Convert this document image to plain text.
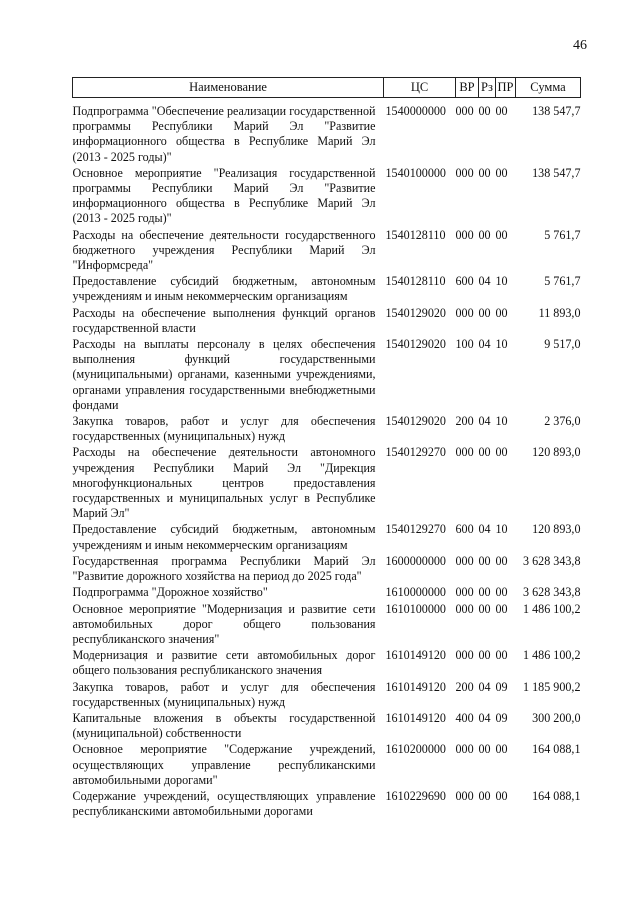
46
Наименование	ЦС	ВР	Рз	ПР	Сумма

Подпрограмма "Обеспечение реализации государственной программы Республики Марий Эл "Развитие информационного общества в Республике Марий Эл (2013 - 2025 годы)"	1540000000	000	00	00	138 547,7
Основное мероприятие "Реализация государственной программы Республики Марий Эл "Развитие информационного общества в Республике Марий Эл (2013 - 2025 годы)"	1540100000	000	00	00	138 547,7
Расходы на обеспечение деятельности государственного бюджетного учреждения Республики Марий Эл "Информсреда"	1540128110	000	00	00	5 761,7
Предоставление субсидий бюджетным, автономным учреждениям и иным некоммерческим организациям	1540128110	600	04	10	5 761,7
Расходы на обеспечение выполнения функций органов государственной власти	1540129020	000	00	00	11 893,0
Расходы на выплаты персоналу в целях обеспечения выполнения функций государственными (муниципальными) органами, казенными учреждениями, органами управления государственными внебюджетными фондами	1540129020	100	04	10	9 517,0
Закупка товаров, работ и услуг для обеспечения государственных (муниципальных) нужд	1540129020	200	04	10	2 376,0
Расходы на обеспечение деятельности автономного учреждения Республики Марий Эл "Дирекция многофункциональных центров предоставления государственных и муниципальных услуг в Республике Марий Эл"	1540129270	000	00	00	120 893,0
Предоставление субсидий бюджетным, автономным учреждениям и иным некоммерческим организациям	1540129270	600	04	10	120 893,0
Государственная программа Республики Марий Эл "Развитие дорожного хозяйства на период до 2025 года"	1600000000	000	00	00	3 628 343,8
Подпрограмма "Дорожное хозяйство"	1610000000	000	00	00	3 628 343,8
Основное мероприятие "Модернизация и развитие сети автомобильных дорог общего пользования республиканского значения"	1610100000	000	00	00	1 486 100,2
Модернизация и развитие сети автомобильных дорог общего пользования республиканского значения	1610149120	000	00	00	1 486 100,2
Закупка товаров, работ и услуг для обеспечения государственных (муниципальных) нужд	1610149120	200	04	09	1 185 900,2
Капитальные вложения в объекты государственной (муниципальной) собственности	1610149120	400	04	09	300 200,0
Основное мероприятие "Содержание учреждений, осуществляющих управление республиканскими автомобильными дорогами"	1610200000	000	00	00	164 088,1
Содержание учреждений, осуществляющих управление республиканскими автомобильными дорогами	1610229690	000	00	00	164 088,1
